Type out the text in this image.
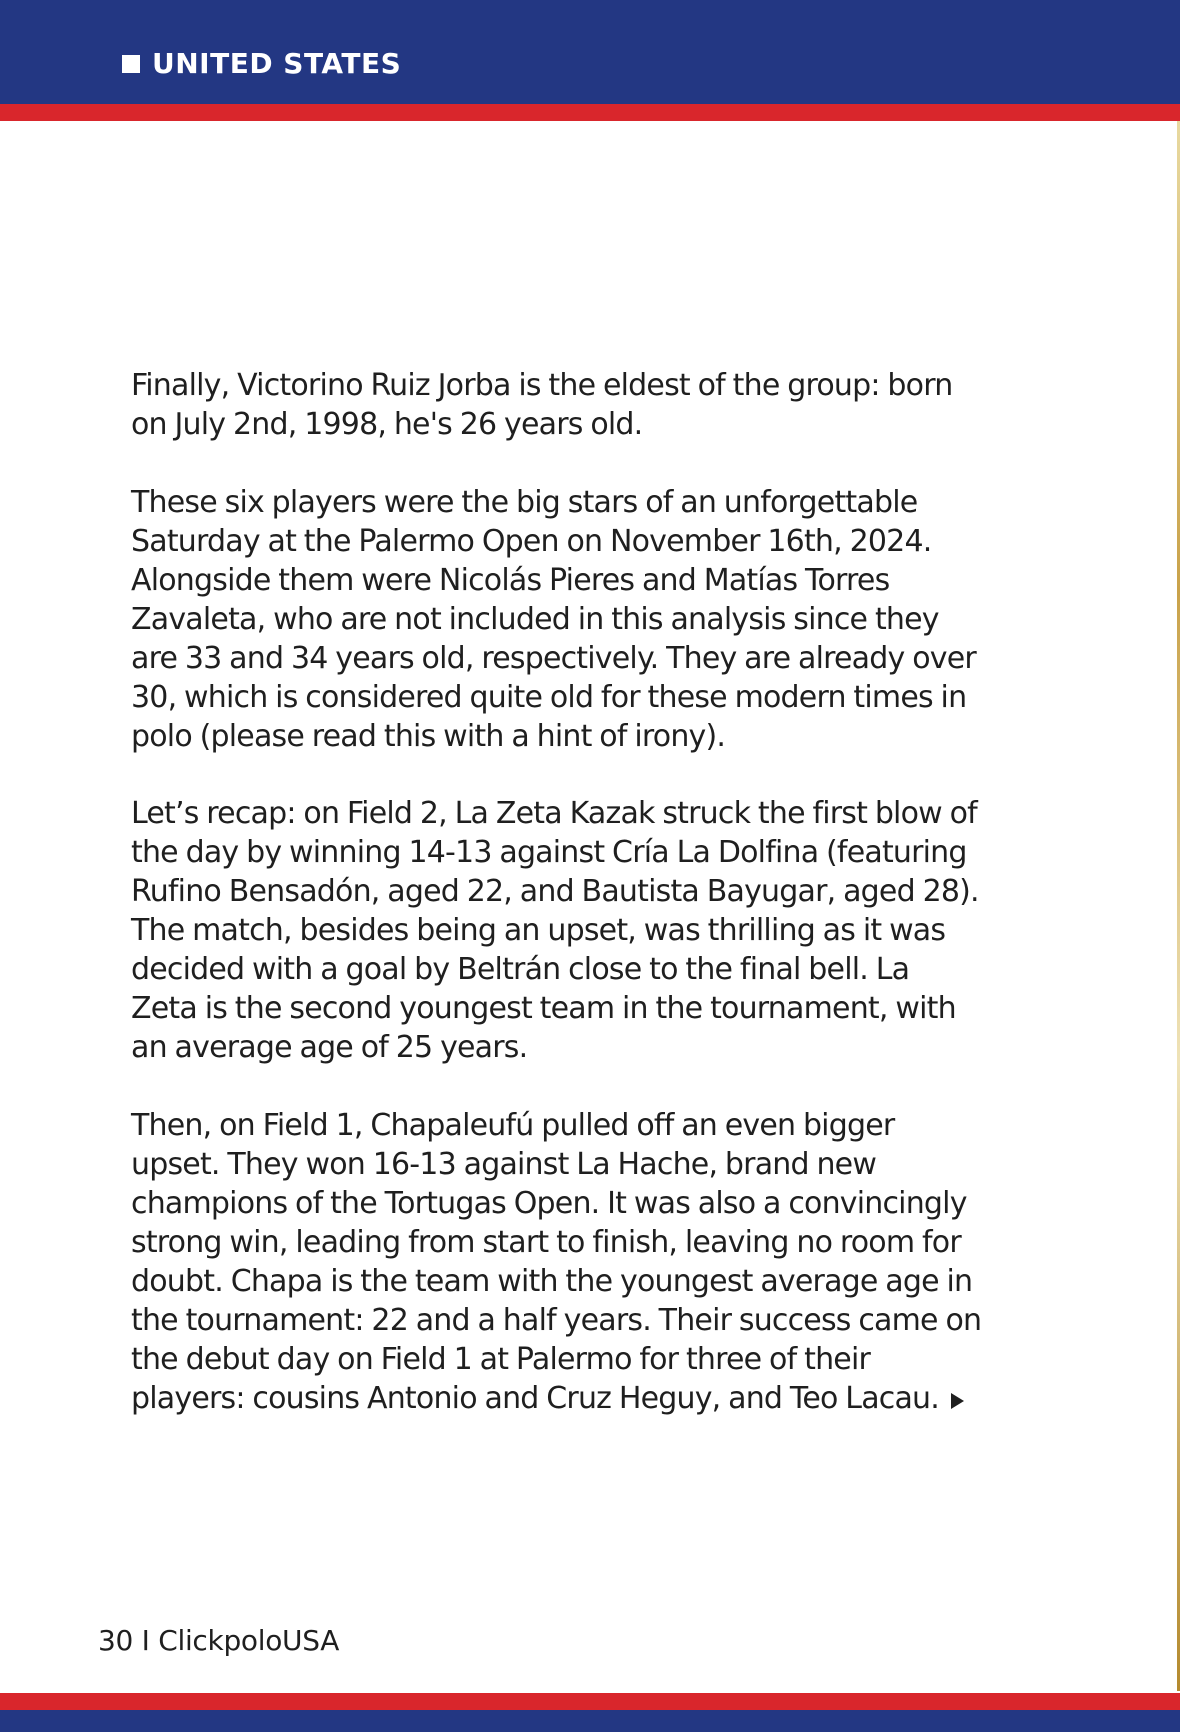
UNITED STATES

Finally, Victorino Ruiz Jorba is the eldest of the group: born
on July 2nd, 1998, he's 26 years old.

These six players were the big stars of an unforgettable
Saturday at the Palermo Open on November 16th, 2024.
Alongside them were Nicolás Pieres and Matías Torres
Zavaleta, who are not included in this analysis since they
are 33 and 34 years old, respectively. They are already over
30, which is considered quite old for these modern times in
polo (please read this with a hint of irony).

Let’s recap: on Field 2, La Zeta Kazak struck the first blow of
the day by winning 14-13 against Cría La Dolfina (featuring
Rufino Bensadón, aged 22, and Bautista Bayugar, aged 28).
The match, besides being an upset, was thrilling as it was
decided with a goal by Beltrán close to the final bell. La
Zeta is the second youngest team in the tournament, with
an average age of 25 years.

Then, on Field 1, Chapaleufú pulled off an even bigger
upset. They won 16-13 against La Hache, brand new
champions of the Tortugas Open. It was also a convincingly
strong win, leading from start to finish, leaving no room for
doubt. Chapa is the team with the youngest average age in
the tournament: 22 and a half years. Their success came on
the debut day on Field 1 at Palermo for three of their
players: cousins Antonio and Cruz Heguy, and Teo Lacau.

30 I ClickpoloUSA
